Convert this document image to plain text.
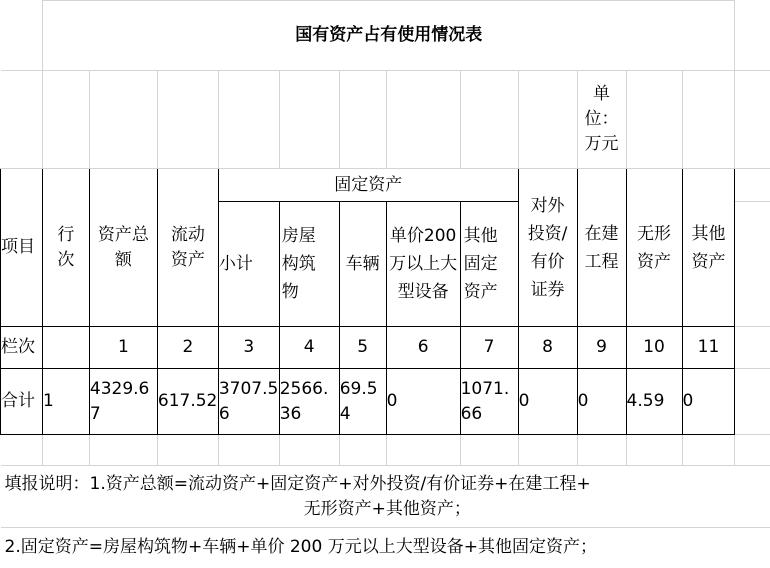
	国有资产占有使用情况表												

										单位：万元			

项目	行次	资产总额	流动资产	固定资产					对外投资/有价证券	在建工程	无形资产	其他资产	

				小计	房屋构筑物	车辆	单价200万以上大型设备	其他固定资产					

栏次		1	2	3	4	5	6	7	8	9	10	11	
合计	1	4329.67	617.52	3707.56	2566.36	69.54	0	1071.66	0	0	4.59	0	

填报说明：1.资产总额=流动资产+固定资产+对外投资/有价证券+在建工程+
无形资产+其他资产；													

2.固定资产=房屋构筑物+车辆+单价 200 万元以上大型设备+其他固定资产；													
